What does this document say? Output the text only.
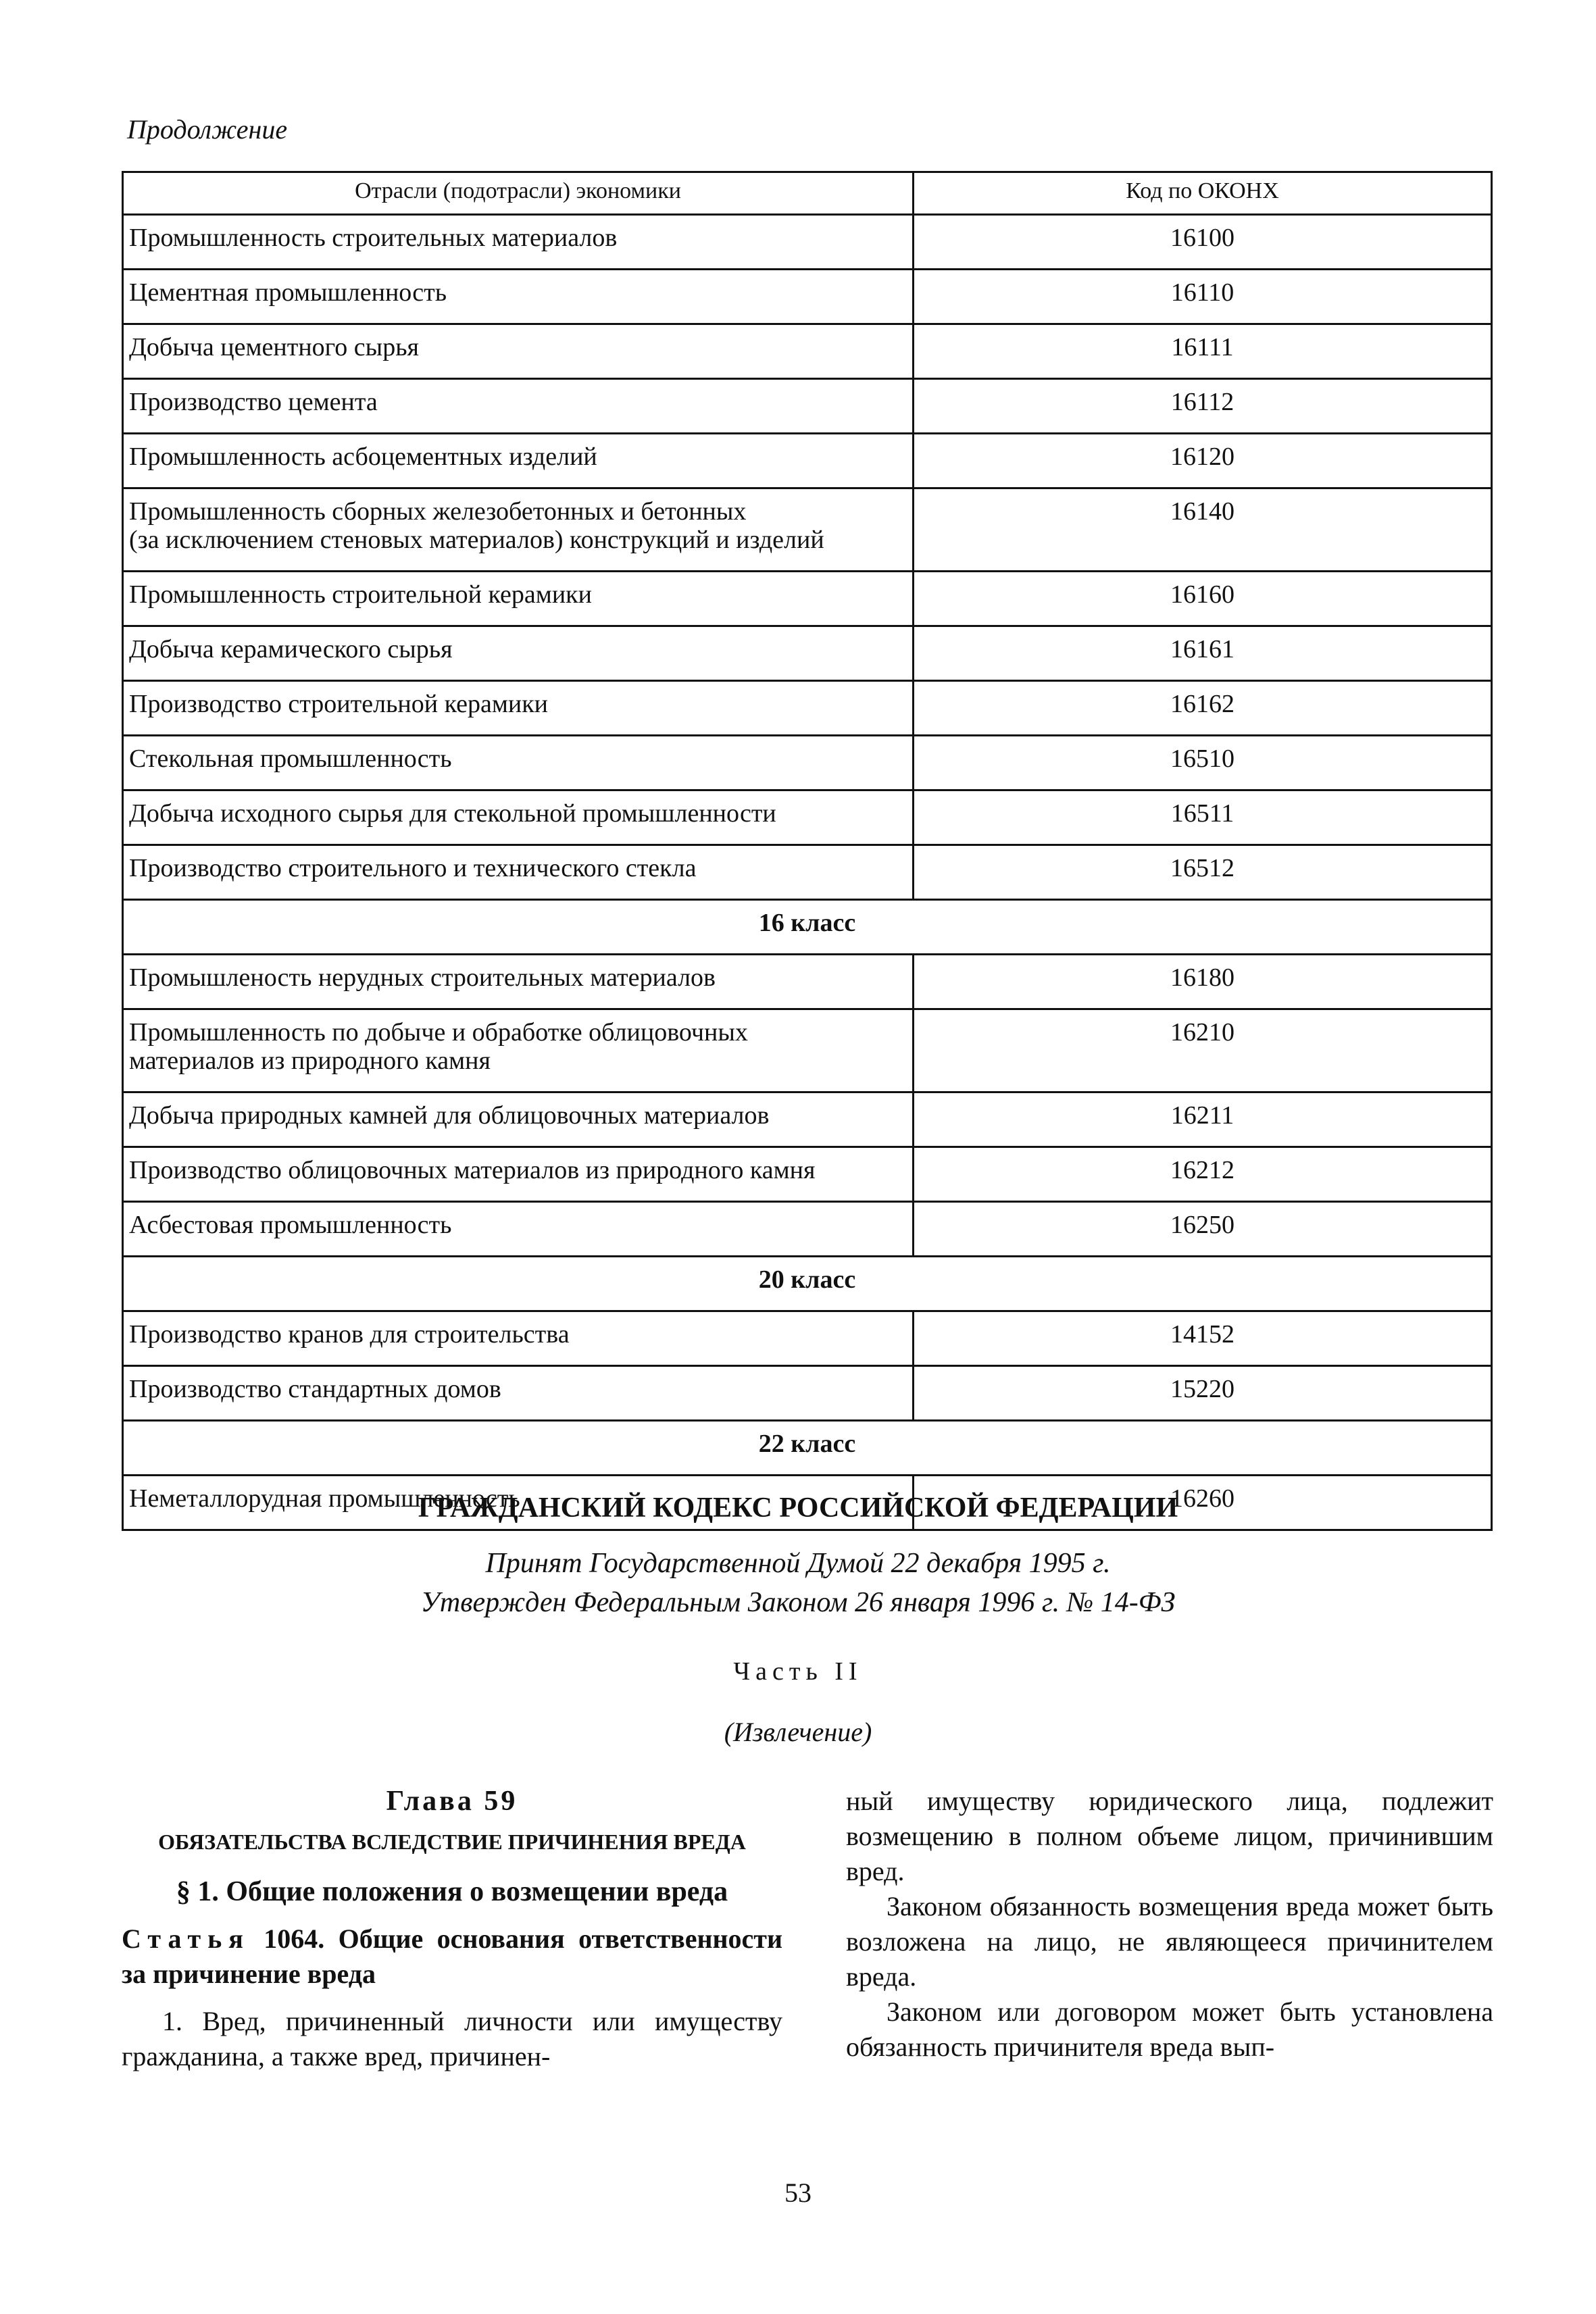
Продолжение
Отрасли (подотрасли) экономики	Код по ОКОНХ
Промышленность строительных материалов	16100
Цементная промышленность	16110
Добыча цементного сырья	16111
Производство цемента	16112
Промышленность асбоцементных изделий	16120

Промышленность сборных железобетонных и бетонных
(за исключением стеновых материалов) конструкций и изделий	16140
Промышленность строительной керамики	16160
Добыча керамического сырья	16161
Производство строительной керамики	16162
Стекольная промышленность	16510
Добыча исходного сырья для стекольной промышленности	16511
Производство строительного и технического стекла	16512
16 класс	
Промышленость нерудных строительных материалов	16180

Промышленность по добыче и обработке облицовочных
материалов из природного камня	16210
Добыча природных камней для облицовочных материалов	16211
Производство облицовочных материалов из природного камня	16212
Асбестовая промышленность	16250
20 класс	
Производство кранов для строительства	14152
Производство стандартных домов	15220
22 класс	
Неметаллорудная промышленность	16260
ГРАЖДАНСКИЙ КОДЕКС РОССИЙСКОЙ ФЕДЕРАЦИИ
Принят Государственной Думой 22 декабря 1995 г.
Утвержден Федеральным Законом 26 января 1996 г. № 14-ФЗ
Часть II
(Извлечение)

Глава 59

ОБЯЗАТЕЛЬСТВА ВСЛЕДСТВИЕ ПРИЧИНЕНИЯ ВРЕДА

§ 1. Общие положения о возмещении вреда

Статья 1064. Общие основания ответственности за причинение вреда

1. Вред, причиненный личности или имуществу гражданина, а также вред, причинен-

ный имуществу юридического лица, подлежит возмещению в полном объеме лицом, причинившим вред.

Законом обязанность возмещения вреда может быть возложена на лицо, не являющееся причинителем вреда.

Законом или договором может быть установлена обязанность причинителя вреда вып-

53
